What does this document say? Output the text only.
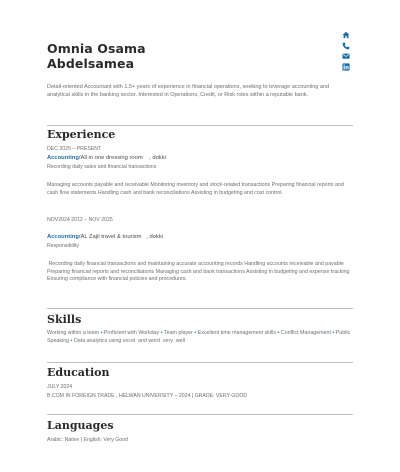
Omnia Osama
Abdelsamea
Detail-oriented Accountant with 1.5+ years of experience in financial operations, seeking to leverage accounting and analytical skills in the banking sector. Interested in Operations, Credit, or Risk roles within a reputable bank.
Experience
DEC 2025 – PRESENT
Accounting/All in one dressing room    , dokki
Recording daily sales and financial transactions
Managing accounts payable and receivable Monitoring inventory and stock-related transactions Preparing financial reports and cash flow statements Handling cash and bank reconciliations Assisting in budgeting and cost control.
NOV2024 2012 – NOV 2025
Accounting/AL Zajil travel & tourism   , dokki
Responsibility
Recording daily financial transactions and maintaining accurate accounting records Handling accounts receivable and payable Preparing financial reports and reconciliations Managing cash and bank transactions Assisting in budgeting and expense tracking Ensuring compliance with financial policies and procedures.
Skills
Working within a team • Proficient with Workday • Team player • Excellent time management skills • Conflict Management • Public Speaking • Data analytics using excel  and word  very  well
Education
JULY 2024
B.COM IN FOREIGN TRADE , HELWAN UNIVERSITY – 2024 | GRADE: VERY GOOD
Languages
Arabic: Native | English: Very Good
